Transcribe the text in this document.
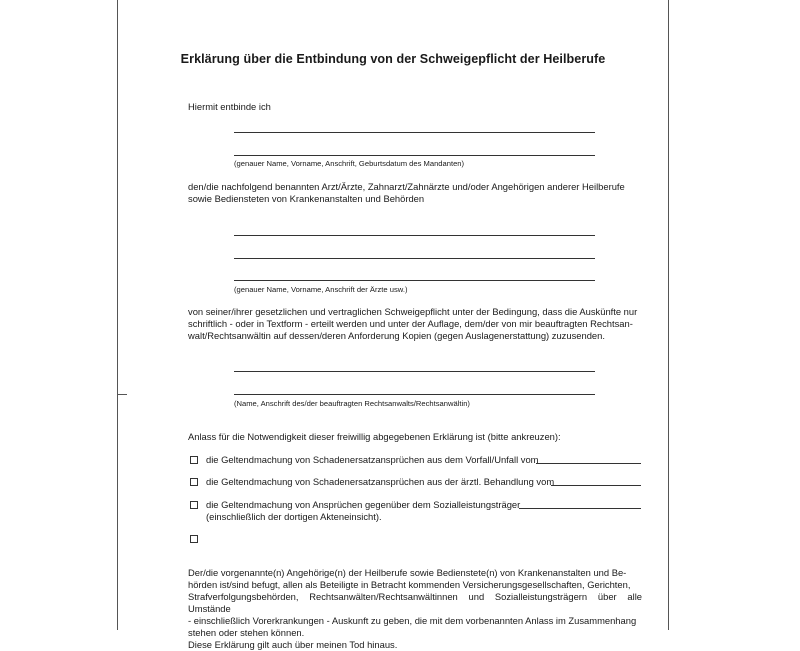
Erklärung über die Entbindung von der Schweigepflicht der Heilberufe
Hiermit entbinde ich
(genauer Name, Vorname, Anschrift, Geburtsdatum des Mandanten)

den/die nachfolgend benannten Arzt/Ärzte, Zahnarzt/Zahnärzte und/oder Angehörigen anderer Heilberufe

sowie Bediensteten von Krankenanstalten und Behörden

(genauer Name, Vorname, Anschrift der Ärzte usw.)

von seiner/ihrer gesetzlichen und vertraglichen Schweigepflicht unter der Bedingung, dass die Auskünfte nur

schriftlich - oder in Textform - erteilt werden und unter der Auflage, dem/der von mir beauftragten Rechtsan-

walt/Rechtsanwältin auf dessen/deren Anforderung Kopien (gegen Auslagenerstattung) zuzusenden.

(Name, Anschrift des/der beauftragten Rechtsanwalts/Rechtsanwältin)
Anlass für die Notwendigkeit dieser freiwillig abgegebenen Erklärung ist (bitte ankreuzen):
die Geltendmachung von Schadenersatzansprüchen aus dem Vorfall/Unfall vom
die Geltendmachung von Schadenersatzansprüchen aus der ärztl. Behandlung vom
die Geltendmachung von Ansprüchen gegenüber dem Sozialleistungsträger
(einschließlich der dortigen Akteneinsicht).

Der/die vorgenannte(n) Angehörige(n) der Heilberufe sowie Bedienstete(n) von Krankenanstalten und Be-

hörden ist/sind befugt, allen als Beteiligte in Betracht kommenden Versicherungsgesellschaften, Gerichten,

Strafverfolgungsbehörden, Rechtsanwälten/Rechtsanwältinnen und Sozialleistungsträgern über alle Umstände

- einschließlich Vorerkrankungen - Auskunft zu geben, die mit dem vorbenannten Anlass im Zusammenhang

stehen oder stehen können.

Diese Erklärung gilt auch über meinen Tod hinaus.
